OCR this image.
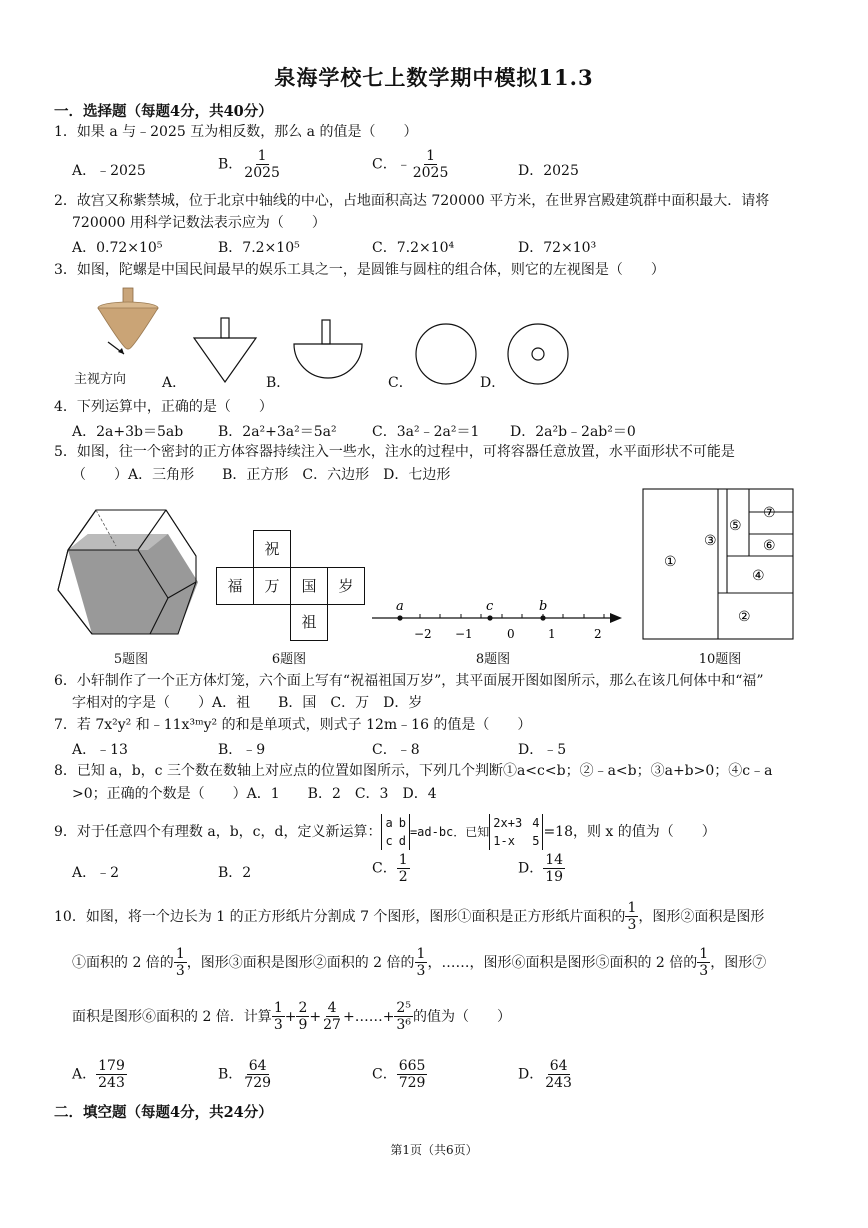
泉海学校七上数学期中模拟11.3
一．选择题（每题4分，共40分）
1．如果 a 与﹣2025 互为相反数，那么 a 的值是（　　）
A．﹣2025	B． $\frac{1}{2025}$	C．﹣ $\frac{1}{2025}$	D．2025
2．故宫又称紫禁城，位于北京中轴线的中心，占地面积高达 720000 平方米，在世界宫殿建筑群中面积最大．请将
720000 用科学记数法表示应为（　　）
A．0.72×10⁵	B．7.2×10⁵	C．7.2×10⁴	D．72×10³
3．如图，陀螺是中国民间最早的娱乐工具之一，是圆锥与圆柱的组合体，则它的左视图是（　　）
主视方向	A．	B．	C．	D．
4．下列运算中，正确的是（　　）
A．2a+3b＝5ab B．2a²+3a²＝5a²	C．3a²﹣2a²＝1 D．2a²b﹣2ab²＝0
5．如图，往一个密封的正方体容器持续注入一些水，注水的过程中，可将容器任意放置，水平面形状不可能是
（　　）A．三角形　　B．正方形　C．六边形　D．七边形
5题图
祝
福	万	国	岁
祖
6题图
a	c	b
−2 −1	0	1	2
8题图
①
②
③
④
⑤
⑥
⑦
10题图
6．小轩制作了一个正方体灯笼，六个面上写有“祝福祖国万岁”，其平面展开图如图所示，那么在该几何体中和“福”
字相对的字是（　　）A．祖　　B．国　C．万　D．岁
7．若 7x²y² 和﹣11x³ᵐy² 的和是单项式，则式子 12m﹣16 的值是（　　）
A．﹣13	B．﹣9	C．﹣8	D．﹣5
8．已知 a，b，c 三个数在数轴上对应点的位置如图所示，下列几个判断①a<c<b；②﹣a<b；③a+b>0；④c﹣a
>0；正确的个数是（　　）A．1　　B．2　C．3　D．4
9．对于任意四个有理数 a，b，c，d，定义新运算：
a b
c d
=ad-bc．已知
2x+3 4
1-x	5
=18，则 x 的值为（　　）
A．﹣2	B．2	C． $\frac{1}{2}$	D． $\frac{14}{19}$
10．如图，将一个边长为 1 的正方形纸片分割成 7 个图形，图形①面积是正方形纸片面积的 $\frac{1}{3}$ ，图形②面积是图形
①面积的 2 倍的 $\frac{1}{3}$ ，图形③面积是图形②面积的 2 倍的 $\frac{1}{3}$ ，……，图形⑥面积是图形⑤面积的 2 倍的 $\frac{1}{3}$ ，图形⑦
面积是图形⑥面积的 2 倍．计算 $\frac{1}{3} + \frac{2}{9} + \frac{4}{27}$ + …… + $\frac{\text{2⁵}}{\text{3⁶}}$ 的值为（　　）
A． $\frac{179}{243}$	B． $\frac{64}{729}$	C． $\frac{665}{729}$	D． $\frac{64}{243}$
二．填空题（每题4分，共24分）
第1页（共6页）
